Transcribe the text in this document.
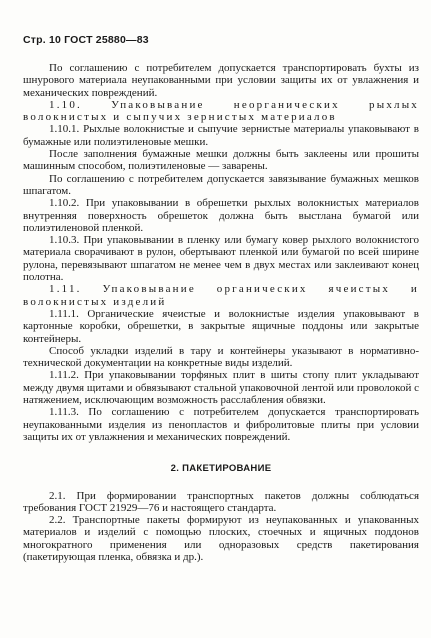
Стр. 10 ГОСТ 25880—83

По соглашению с потребителем допускается транспортировать бухты из шнурового материала неупакованными при условии защиты их от увлажнения и механических повреждений.

1.10. Упаковывание неорганических рыхлых волокнистых и сыпучих зернистых материалов

1.10.1. Рыхлые волокнистые и сыпучие зернистые материалы упаковывают в бумажные или полиэтиленовые мешки.

После заполнения бумажные мешки должны быть заклеены или прошиты машинным способом, полиэтиленовые — заварены.

По соглашению с потребителем допускается завязывание бумажных мешков шпагатом.

1.10.2. При упаковывании в обрешетки рыхлых волокнистых материалов внутренняя поверхность обрешеток должна быть выстлана бумагой или полиэтиленовой пленкой.

1.10.3. При упаковывании в пленку или бумагу ковер рыхлого волокнистого материала сворачивают в рулон, обертывают пленкой или бумагой по всей ширине рулона, перевязывают шпагатом не менее чем в двух местах или заклеивают конец полотна.

1.11. Упаковывание органических ячеистых и волокнистых изделий

1.11.1. Органические ячеистые и волокнистые изделия упаковывают в картонные коробки, обрешетки, в закрытые ящичные поддоны или закрытые контейнеры.

Способ укладки изделий в тару и контейнеры указывают в нормативно-технической документации на конкретные виды изделий.

1.11.2. При упаковывании торфяных плит в шиты стопу плит укладывают между двумя щитами и обвязывают стальной упаковочной лентой или проволокой с натяжением, исключающим возможность расслабления обвязки.

1.11.3. По соглашению с потребителем допускается транспортировать неупакованными изделия из пенопластов и фибролитовые плиты при условии защиты их от увлажнения и механических повреждений.

2. ПАКЕТИРОВАНИЕ

2.1. При формировании транспортных пакетов должны соблюдаться требования ГОСТ 21929—76 и настоящего стандарта.

2.2. Транспортные пакеты формируют из неупакованных и упакованных материалов и изделий с помощью плоских, стоечных и ящичных поддонов многократного применения или одноразовых средств пакетирования (пакетирующая пленка, обвязка и др.).
